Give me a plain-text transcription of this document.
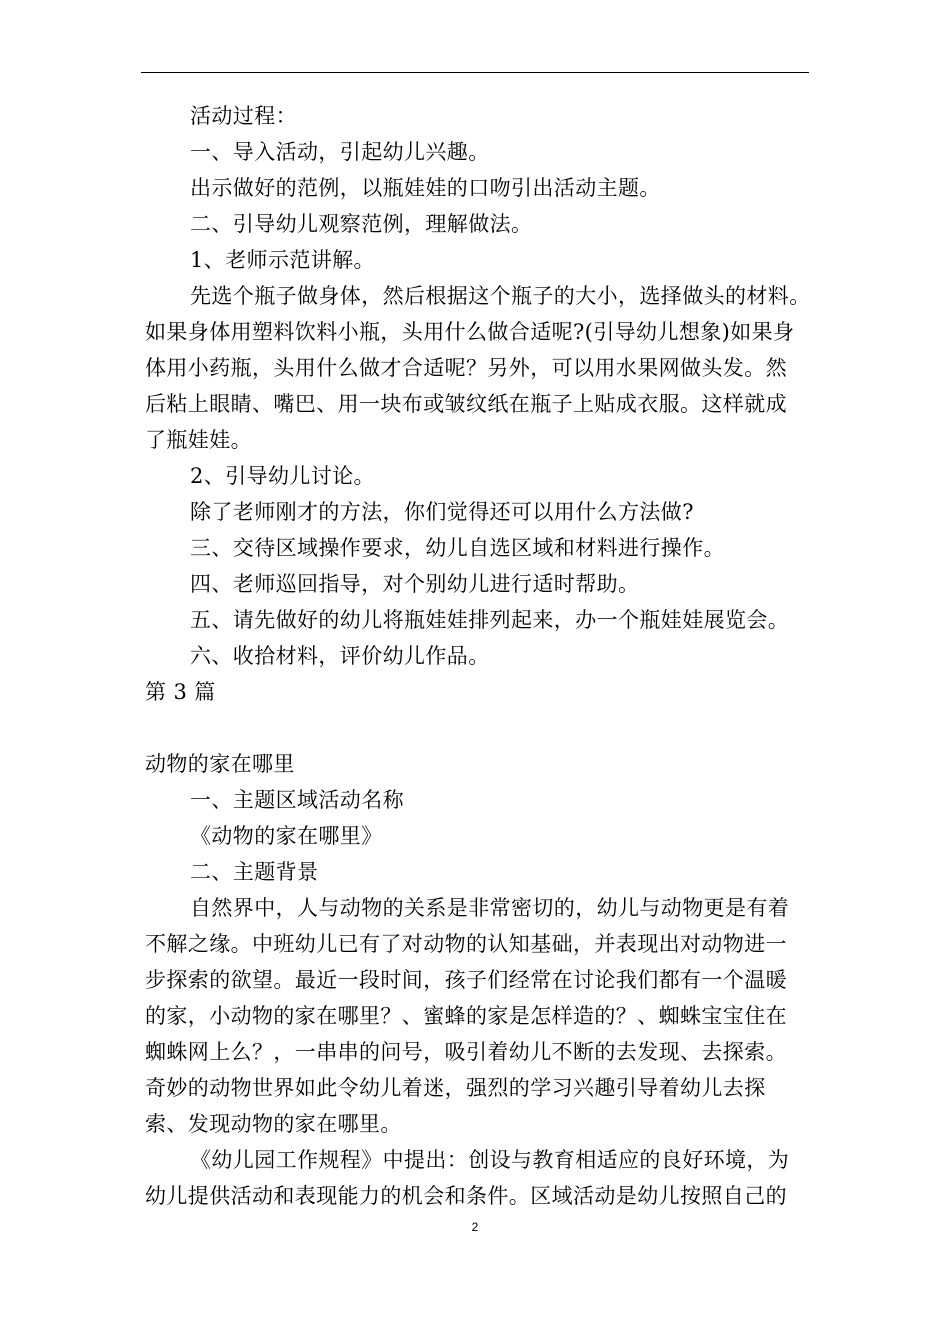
活动过程：
一、导入活动，引起幼儿兴趣。
出示做好的范例，以瓶娃娃的口吻引出活动主题。
二、引导幼儿观察范例，理解做法。
1、老师示范讲解。
先选个瓶子做身体，然后根据这个瓶子的大小，选择做头的材料。
如果身体用塑料饮料小瓶，头用什么做合适呢?(引导幼儿想象)如果身
体用小药瓶，头用什么做才合适呢？另外，可以用水果网做头发。然
后粘上眼睛、嘴巴、用一块布或皱纹纸在瓶子上贴成衣服。这样就成
了瓶娃娃。
2、引导幼儿讨论。
除了老师刚才的方法，你们觉得还可以用什么方法做?
三、交待区域操作要求，幼儿自选区域和材料进行操作。
四、老师巡回指导，对个别幼儿进行适时帮助。
五、请先做好的幼儿将瓶娃娃排列起来，办一个瓶娃娃展览会。
六、收拾材料，评价幼儿作品。
第 3 篇
动物的家在哪里
一、主题区域活动名称
《动物的家在哪里》
二、主题背景
自然界中，人与动物的关系是非常密切的，幼儿与动物更是有着
不解之缘。中班幼儿已有了对动物的认知基础，并表现出对动物进一
步探索的欲望。最近一段时间，孩子们经常在讨论我们都有一个温暖
的家，小动物的家在哪里？、蜜蜂的家是怎样造的？、蜘蛛宝宝住在
蜘蛛网上么？，一串串的问号，吸引着幼儿不断的去发现、去探索。
奇妙的动物世界如此令幼儿着迷，强烈的学习兴趣引导着幼儿去探
索、发现动物的家在哪里。
《幼儿园工作规程》中提出：创设与教育相适应的良好环境，为
幼儿提供活动和表现能力的机会和条件。区域活动是幼儿按照自己的
2
